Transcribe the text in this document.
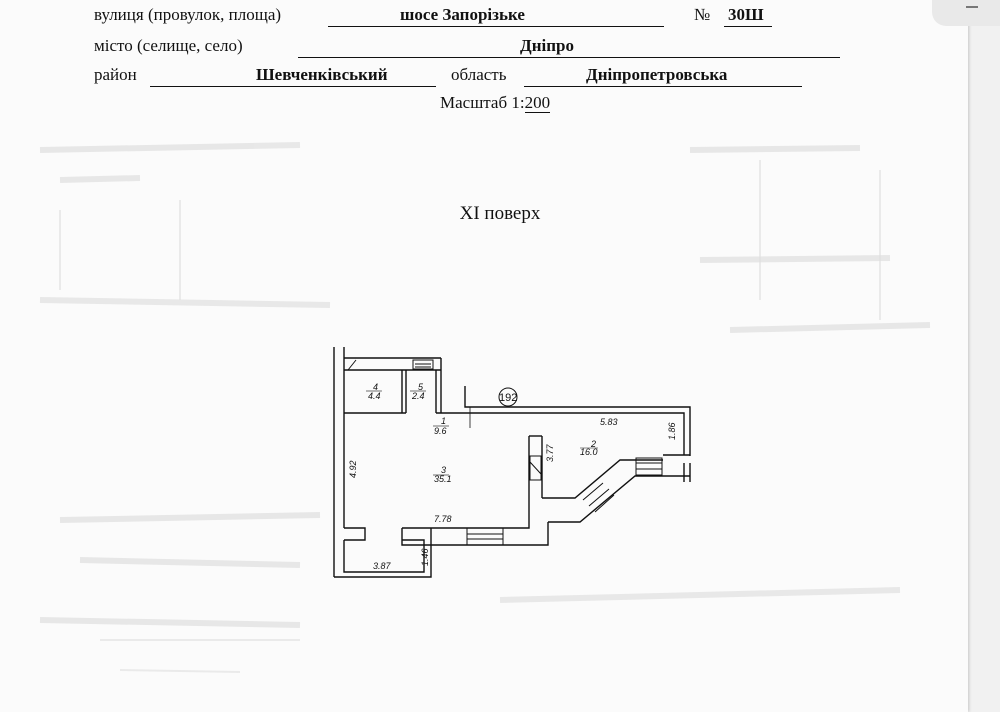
вулиця (провулок, площа)	шосе Запорізьке	№ 30Ш
місто (селище, село)	Дніпро
район	Шевченківський	область	Дніпропетровська
Масштаб 1:200
XI поверх
192
4
4.4
5
2.4
1
9.6
2
16.0
3
35.1
5.83
1.86
3.77
4.92
7.78
1.46
3.87
